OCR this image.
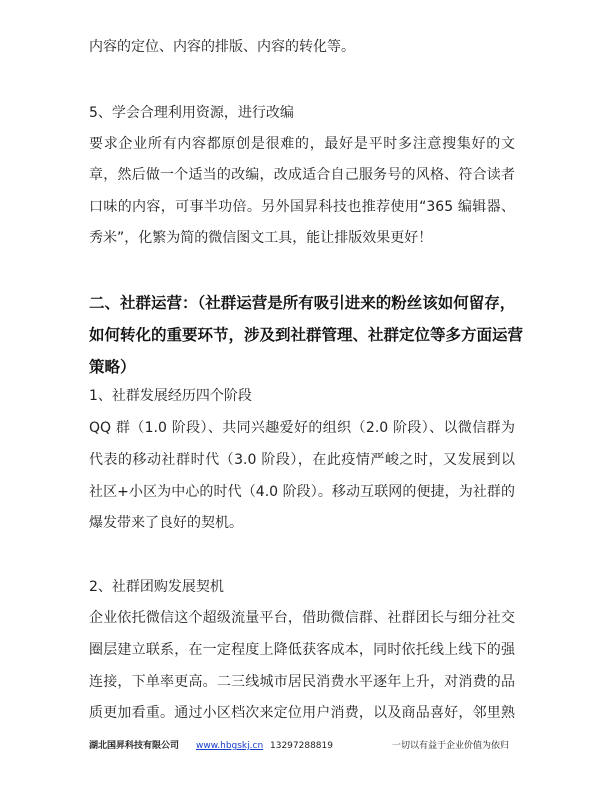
内容的定位、内容的排版、内容的转化等。
5、学会合理利用资源，进行改编
要求企业所有内容都原创是很难的，最好是平时多注意搜集好的文
章，然后做一个适当的改编，改成适合自己服务号的风格、符合读者
口味的内容，可事半功倍。另外国昇科技也推荐使用“365 编辑器、
秀米”，化繁为简的微信图文工具，能让排版效果更好！
二、社群运营：（社群运营是所有吸引进来的粉丝该如何留存，
如何转化的重要环节，涉及到社群管理、社群定位等多方面运营
策略）
1、社群发展经历四个阶段
QQ 群（1.0 阶段）、共同兴趣爱好的组织（2.0 阶段）、以微信群为
代表的移动社群时代（3.0 阶段），在此疫情严峻之时，又发展到以
社区+小区为中心的时代（4.0 阶段）。移动互联网的便捷，为社群的
爆发带来了良好的契机。
2、社群团购发展契机
企业依托微信这个超级流量平台，借助微信群、社群团长与细分社交
圈层建立联系，在一定程度上降低获客成本，同时依托线上线下的强
连接，下单率更高。二三线城市居民消费水平逐年上升，对消费的品
质更加看重。通过小区档次来定位用户消费，以及商品喜好，邻里熟
湖北国昇科技有限公司 www.hbgskj.cn 13297288819	一切以有益于企业价值为依归
